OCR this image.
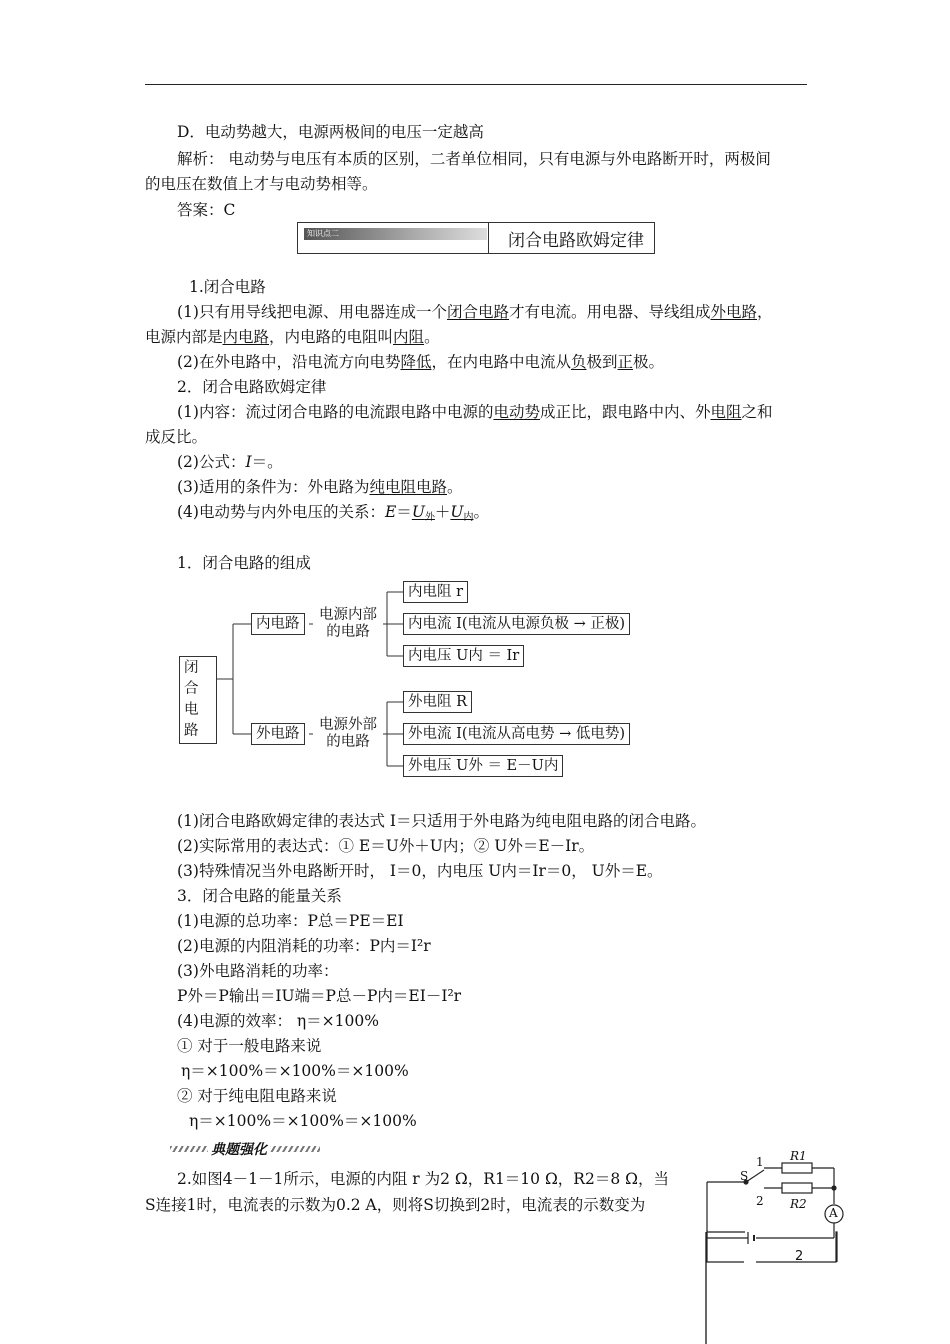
D．电动势越大，电源两极间的电压一定越高
解析： 电动势与电压有本质的区别，二者单位相同，只有电源与外电路断开时，两极间
的电压在数值上才与电动势相等。
答案：C
知识点二	闭合电路欧姆定律
1.闭合电路
(1)只有用导线把电源、用电器连成一个闭合电路才有电流。用电器、导线组成外电路，
电源内部是内电路，内电路的电阻叫内阻。
(2)在外电路中，沿电流方向电势降低，在内电路中电流从负极到正极。
2．闭合电路欧姆定律
(1)内容：流过闭合电路的电流跟电路中电源的电动势成正比，跟电路中内、外电阻之和
成反比。
(2)公式：I＝。
(3)适用的条件为：外电路为纯电阻电路。
(4)电动势与内外电压的关系：$E=U_外+U_内$。
1．闭合电路的组成
闭合
电路
内电路
电源内部
的电路
外电路
电源外部
的电路
内电阻 r
内电流 I(电流从电源负极 → 正极)
内电压 U内 ＝ Ir
外电阻 R
外电流 I(电流从高电势 → 低电势)
外电压 U外 ＝ E－U内
(1)闭合电路欧姆定律的表达式 I＝只适用于外电路为纯电阻电路的闭合电路。
(2)实际常用的表达式：① E＝U外＋U内；② U外＝E－Ir。
(3)特殊情况当外电路断开时， I＝0，内电压 U内＝Ir＝0， U外＝E。
3．闭合电路的能量关系
(1)电源的总功率：P总＝PE＝EI
(2)电源的内阻消耗的功率：P内＝I²r
(3)外电路消耗的功率：
P外＝P输出＝IU端＝P总－P内＝EI－I²r
(4)电源的效率： η＝×100%
① 对于一般电路来说
η＝×100%＝×100%＝×100%
② 对于纯电阻电路来说
η＝×100%＝×100%＝×100%
典题强化
2.如图4－1－1所示，电源的内阻 r 为2 Ω，R1＝10 Ω，R2＝8 Ω，当
S连接1时，电流表的示数为0.2 A，则将S切换到2时，电流表的示数变为
S
1
2
R1
R2
A
2
